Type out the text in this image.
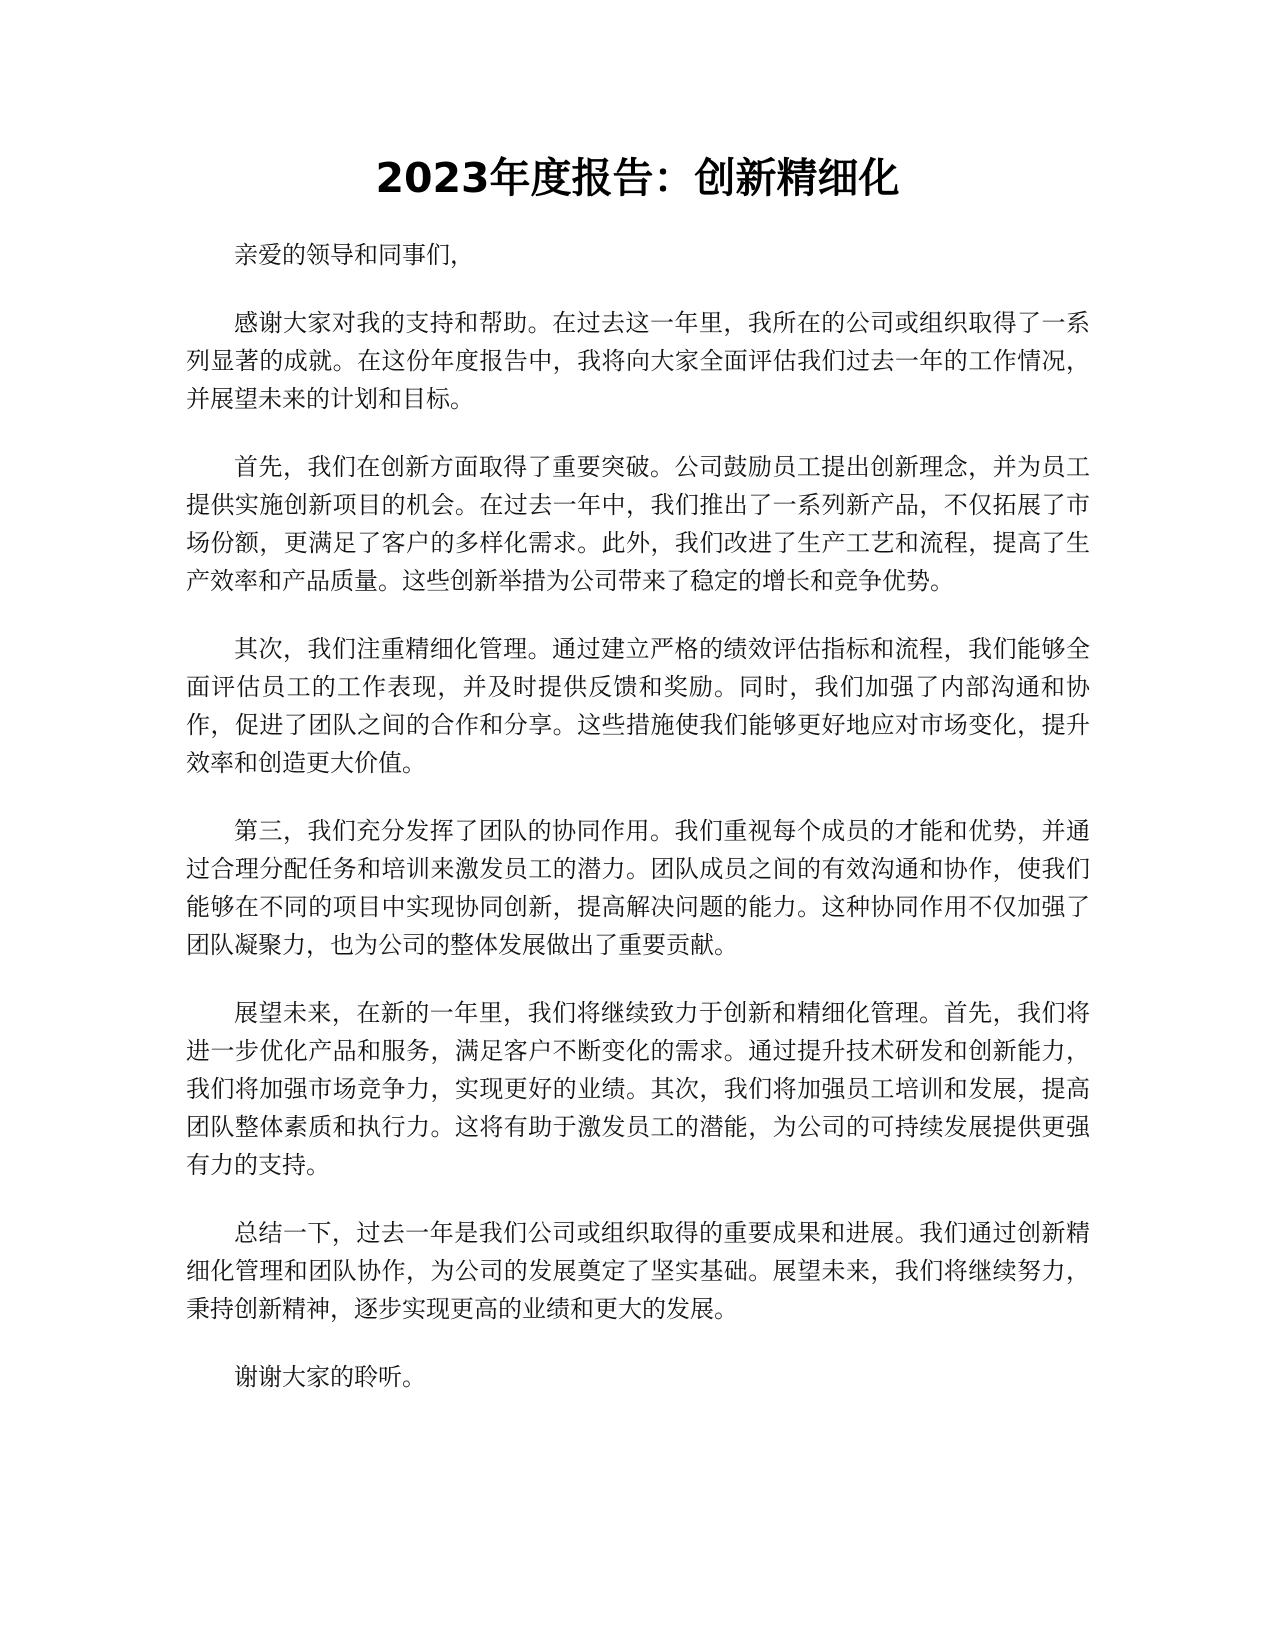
2023年度报告：创新精细化

亲爱的领导和同事们，

感谢大家对我的支持和帮助。在过去这一年里，我所在的公司或组织取得了一系列显著的成就。在这份年度报告中，我将向大家全面评估我们过去一年的工作情况，并展望未来的计划和目标。

首先，我们在创新方面取得了重要突破。公司鼓励员工提出创新理念，并为员工提供实施创新项目的机会。在过去一年中，我们推出了一系列新产品，不仅拓展了市场份额，更满足了客户的多样化需求。此外，我们改进了生产工艺和流程，提高了生产效率和产品质量。这些创新举措为公司带来了稳定的增长和竞争优势。

其次，我们注重精细化管理。通过建立严格的绩效评估指标和流程，我们能够全面评估员工的工作表现，并及时提供反馈和奖励。同时，我们加强了内部沟通和协作，促进了团队之间的合作和分享。这些措施使我们能够更好地应对市场变化，提升效率和创造更大价值。

第三，我们充分发挥了团队的协同作用。我们重视每个成员的才能和优势，并通过合理分配任务和培训来激发员工的潜力。团队成员之间的有效沟通和协作，使我们能够在不同的项目中实现协同创新，提高解决问题的能力。这种协同作用不仅加强了团队凝聚力，也为公司的整体发展做出了重要贡献。

展望未来，在新的一年里，我们将继续致力于创新和精细化管理。首先，我们将进一步优化产品和服务，满足客户不断变化的需求。通过提升技术研发和创新能力，我们将加强市场竞争力，实现更好的业绩。其次，我们将加强员工培训和发展，提高团队整体素质和执行力。这将有助于激发员工的潜能，为公司的可持续发展提供更强有力的支持。

总结一下，过去一年是我们公司或组织取得的重要成果和进展。我们通过创新精细化管理和团队协作，为公司的发展奠定了坚实基础。展望未来，我们将继续努力，秉持创新精神，逐步实现更高的业绩和更大的发展。

谢谢大家的聆听。
